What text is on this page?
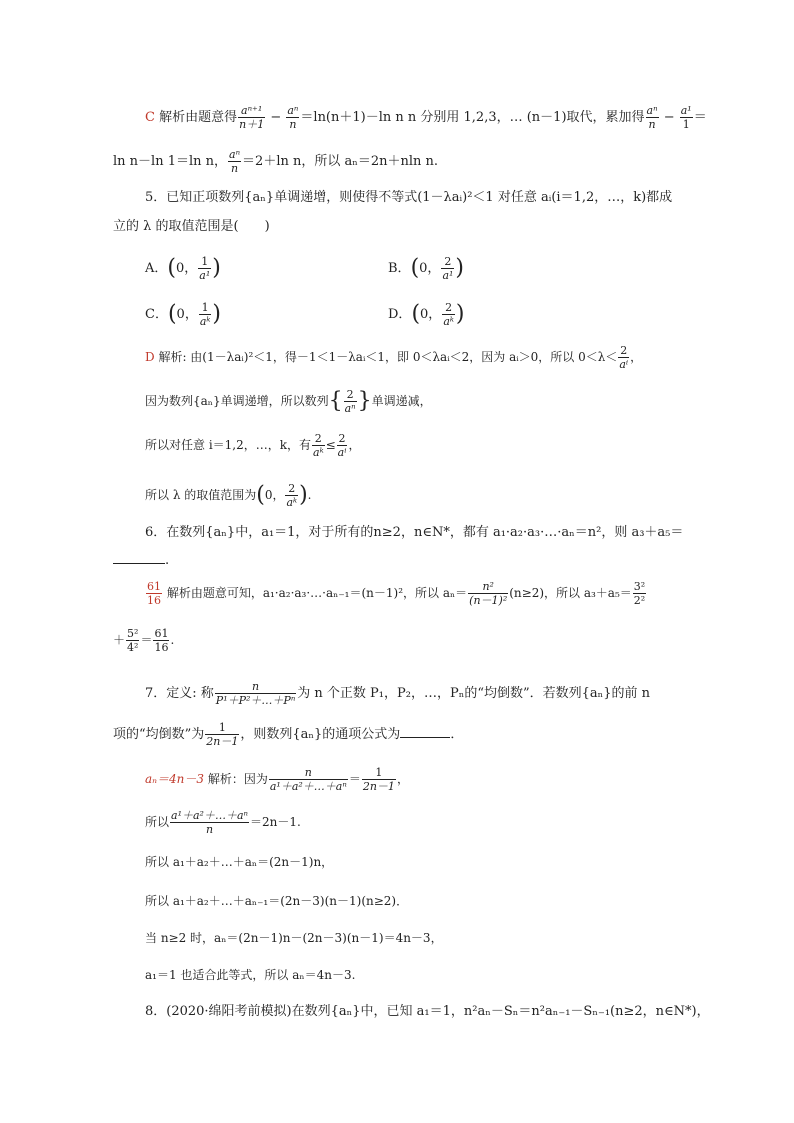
C 解析由题意得 $\frac{\text{aⁿ⁺¹}}{n+1} - \frac{\text{aⁿ}}{n} =\ln(n+1)-\ln$ n n 分别用 1,2,3，… (n－1)取代，累加得 $\frac{\text{aⁿ}}{n} - \frac{\text{a¹}}{1}$ ＝
ln n－ln 1＝ln n， $\frac{\text{aⁿ}}{n} =2+\ln$ n，所以 aₙ＝2n＋nln n.
5．已知正项数列{aₙ}单调递增，则使得不等式(1－λaᵢ)²＜1 对任意 aᵢ(i＝1,2，…，k)都成
立的 λ 的取值范围是(　　)
A．(0， $\frac{1}{\text{a¹}}$ )	B．(0， $\frac{2}{\text{a¹}}$ )
C．(0， $\frac{1}{\text{aᵏ}}$ )	D．(0， $\frac{2}{\text{aᵏ}}$ )
D 解析: 由(1－λaᵢ)²＜1，得－1＜1－λaᵢ＜1，即 0＜λaᵢ＜2，因为 aᵢ＞0，所以 $0<\lambda< \frac{2}{\text{aⁱ}}$ ，
因为数列{aₙ}单调递增，所以数列{ $\frac{2}{\text{aⁿ}}$ }单调递减，
所以对任意 i＝1,2，…，k，有 $\frac{2}{\text{aᵏ}} \le \frac{2}{\text{aⁱ}}$ ，
所以 λ 的取值范围为(0， $\frac{2}{\text{aᵏ}}$ ).
6．在数列{aₙ}中，a₁＝1，对于所有的n≥2，n∈N*，都有 a₁·a₂·a₃·…·aₙ＝n²，则 a₃＋a₅＝
.
$\frac{61}{16}$ 解析由题意可知，a₁·a₂·a₃·…·aₙ₋₁＝(n－1)²，所以 $a_n= \frac{\text{n²}}{\text{(n－1)²}} (n\ge 2)$，所以 $a_3+a_5= \frac{\text{3²}}{\text{2²}}$
＋ $\frac{\text{5²}}{\text{4²}} = \frac{61}{16}$ .
7．定义: 称 $\frac{n}{\text{P¹＋P²＋…＋Pⁿ}}$ 为 n 个正数 P₁，P₂，…，Pₙ的“均倒数”．若数列{aₙ}的前 n
项的“均倒数”为 $\frac{1}{2n-1}$ ，则数列{aₙ}的通项公式为	．
aₙ＝4n－3 解析：因为 $\frac{n}{\text{a¹＋a²＋…＋aⁿ}} = \frac{1}{2n-1}$ ，
所以 $\frac{\text{a¹＋a²＋…＋aⁿ}}{n} =2n-1$.
所以 a₁＋a₂＋…＋aₙ＝(2n－1)n，
所以 a₁＋a₂＋…＋aₙ₋₁＝(2n－3)(n－1)(n≥2)．
当 n≥2 时，aₙ＝(2n－1)n－(2n－3)(n－1)＝4n－3，
a₁＝1 也适合此等式，所以 aₙ＝4n－3.
8．(2020·绵阳考前模拟)在数列{aₙ}中，已知 a₁＝1，n²aₙ－Sₙ＝n²aₙ₋₁－Sₙ₋₁(n≥2，n∈N*)，
